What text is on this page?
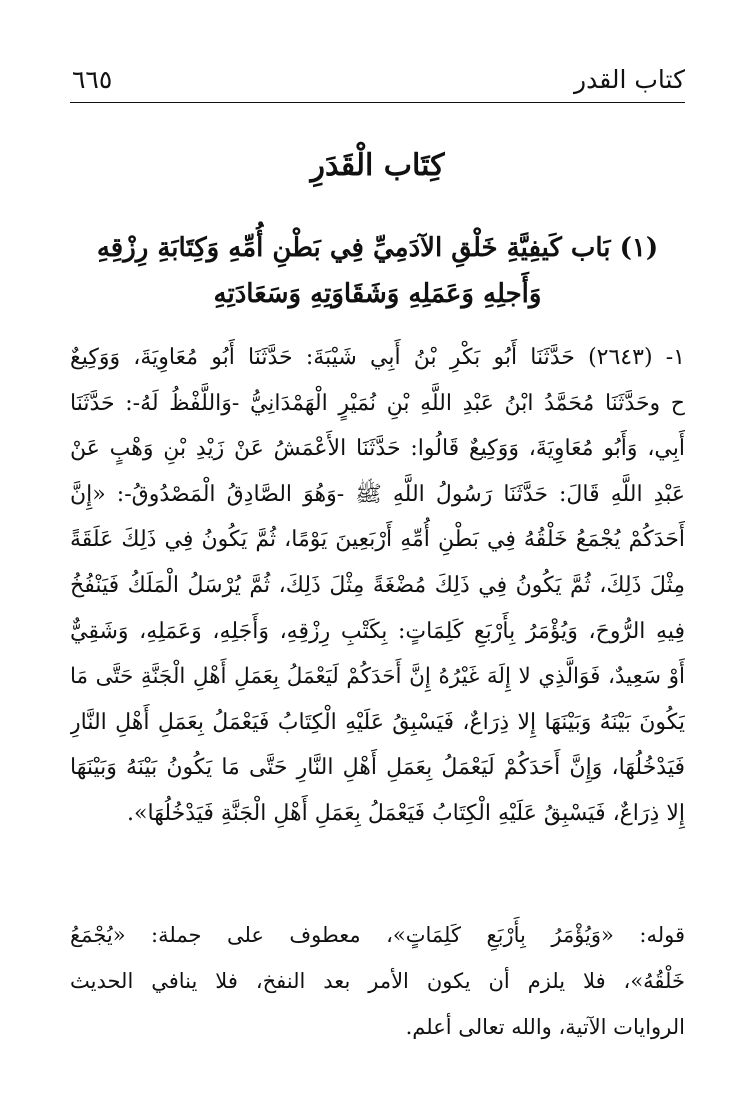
كتاب القدر
٦٦٥
كِتَاب الْقَدَرِ
(١) بَاب كَيفِيَّةِ خَلْقِ الآدَمِيِّ فِي بَطْنِ أُمِّهِ وَكِتَابَةِ رِزْقِهِ
وَأَجلِهِ وَعَمَلِهِ وَشَقَاوَتِهِ وَسَعَادَتِهِ
١- (٢٦٤٣) حَدَّثَنَا أَبُو بَكْرِ بْنُ أَبِي شَيْبَةَ: حَدَّثَنَا أَبُو مُعَاوِيَةَ، وَوَكِيعٌ
ح وحَدَّثَنَا مُحَمَّدُ ابْنُ عَبْدِ اللَّهِ بْنِ نُمَيْرٍ الْهَمْدَانِيُّ -وَاللَّفْظُ لَهُ-: حَدَّثَنَا
أَبِي، وَأَبُو مُعَاوِيَةَ، وَوَكِيعٌ قَالُوا: حَدَّثَنَا الأَعْمَشُ عَنْ زَيْدِ بْنِ وَهْبٍ عَنْ
عَبْدِ اللَّهِ قَالَ: حَدَّثَنَا رَسُولُ اللَّهِ ﷺ -وَهُوَ الصَّادِقُ الْمَصْدُوقُ-: «إِنَّ
أَحَدَكُمْ يُجْمَعُ خَلْقُهُ فِي بَطْنِ أُمِّهِ أَرْبَعِينَ يَوْمًا، ثُمَّ يَكُونُ فِي ذَلِكَ عَلَقَةً
مِثْلَ ذَلِكَ، ثُمَّ يَكُونُ فِي ذَلِكَ مُضْغَةً مِثْلَ ذَلِكَ، ثُمَّ يُرْسَلُ الْمَلَكُ فَيَنْفُخُ
فِيهِ الرُّوحَ، وَيُؤْمَرُ بِأَرْبَعِ كَلِمَاتٍ: بِكَتْبِ رِزْقِهِ، وَأَجَلِهِ، وَعَمَلِهِ، وَشَقِيٌّ
أَوْ سَعِيدٌ، فَوَالَّذِي لا إِلَهَ غَيْرُهُ إِنَّ أَحَدَكُمْ لَيَعْمَلُ بِعَمَلِ أَهْلِ الْجَنَّةِ حَتَّى مَا
يَكُونَ بَيْنَهُ وَبَيْنَهَا إِلا ذِرَاعٌ، فَيَسْبِقُ عَلَيْهِ الْكِتَابُ فَيَعْمَلُ بِعَمَلِ أَهْلِ النَّارِ
فَيَدْخُلُهَا، وَإِنَّ أَحَدَكُمْ لَيَعْمَلُ بِعَمَلِ أَهْلِ النَّارِ حَتَّى مَا يَكُونُ بَيْنَهُ وَبَيْنَهَا
إِلا ذِرَاعٌ، فَيَسْبِقُ عَلَيْهِ الْكِتَابُ فَيَعْمَلُ بِعَمَلِ أَهْلِ الْجَنَّةِ فَيَدْخُلُهَا».
قوله: «وَيُؤْمَرُ بِأَرْبَعِ كَلِمَاتٍ»، معطوف على جملة: «يُجْمَعُ
خَلْقُهُ»، فلا يلزم أن يكون الأمر بعد النفخ، فلا ينافي الحديث
الروايات الآتية، والله تعالى أعلم.
